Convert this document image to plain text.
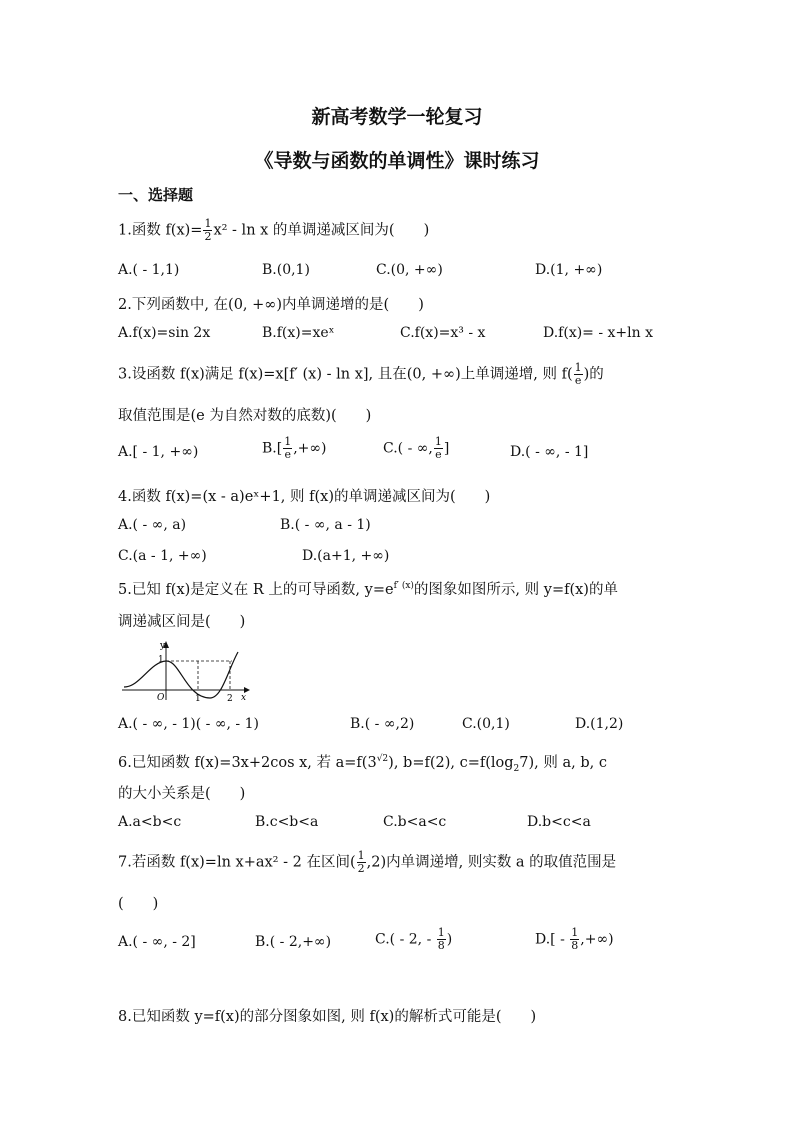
新高考数学一轮复习
《导数与函数的单调性》课时练习
一、选择题
1.函数 $f(x)= \frac{1}{2} x^2 - \ln x$ 的单调递减区间为(　　)
A.( - 1,1)	B.(0,1)	C.(0, +∞)	D.(1, +∞)
2.下列函数中, 在(0, +∞)内单调递增的是(　　)
A.f(x)=sin 2x	B.f(x)=xeˣ	C.f(x)=x³ - x	D.f(x)= - x+ln x
3.设函数 f(x)满足 f(x)=x[f′ (x) - ln x], 且在(0, +∞)上单调递增, 则 $f( \frac{1}{e}$ )的
取值范围是(e 为自然对数的底数)(　　)
A.[ - 1, +∞)	$B.[ \frac{1}{e}$ ,+∞)	C.( - ∞, $\frac{1}{e}$ ]	D.( - ∞, - 1]
4.函数 f(x)=(x - a)eˣ+1, 则 f(x)的单调递减区间为(　　)
A.( - ∞, a)	B.( - ∞, a - 1)
C.(a - 1, +∞)	D.(a+1, +∞)
5.已知 f(x)是定义在 R 上的可导函数, $y=e^{f' (x)}$的图象如图所示, 则 y=f(x)的单
调递减区间是(　　)
y
1
O	1	2 x
A.( - ∞, - 1)( - ∞, - 1)	B.( - ∞,2)	C.(0,1)	D.(1,2)
6.已知函数 f(x)=3x+2cos x, 若 $a=f(3^{√2})$, b=f(2), $c=f(\log_27)$, 则 a, b, c
的大小关系是(　　)
A.a<b<c	B.c<b<a	C.b<a<c	D.b<c<a
7.若函数 f(x)=ln x+ax² - 2 在区间( $\frac{1}{2} ,2$)内单调递增, 则实数 a 的取值范围是
(　　)
A.( - ∞, - 2]	B.( - 2,+∞)	C.( - 2, - $\frac{1}{8}$ )	$D.[ - \frac{1}{8}$ ,+∞)
8.已知函数 y=f(x)的部分图象如图, 则 f(x)的解析式可能是(　　)
